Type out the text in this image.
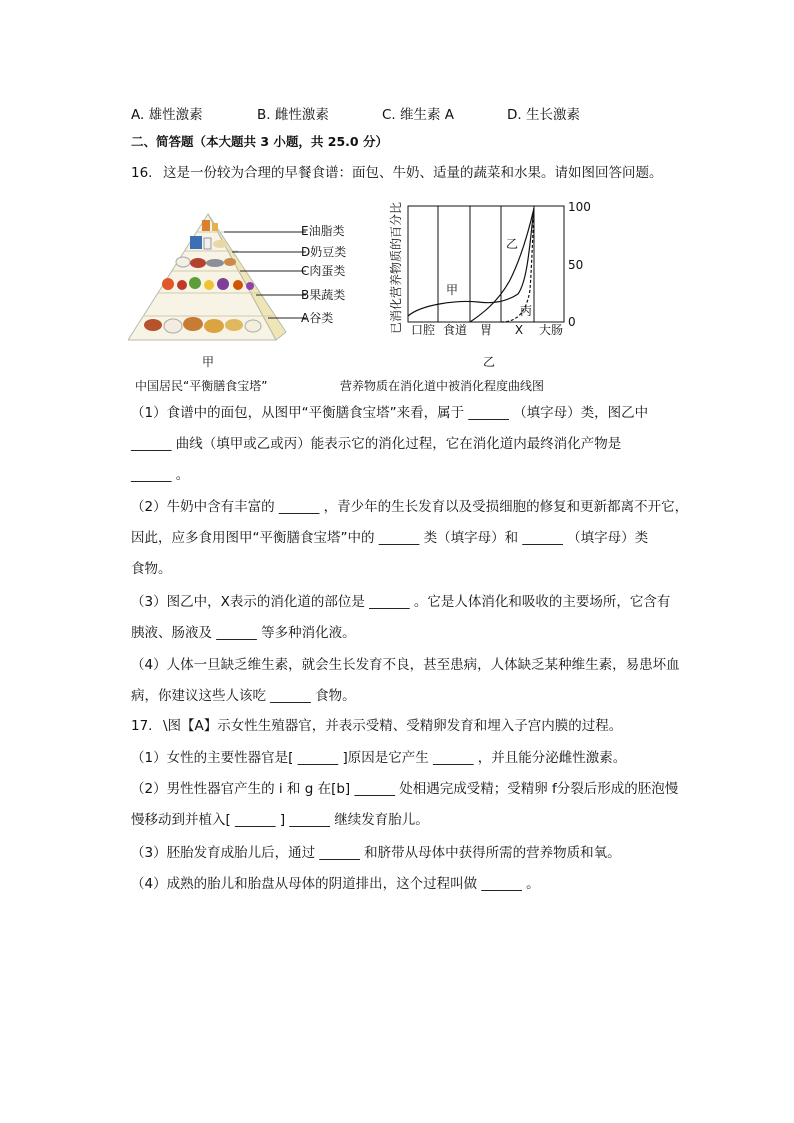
A. 雄性激素	B. 雌性激素	C. 维生素 A	D. 生长激素
二、简答题（本大题共 3 小题，共 25.0 分）
16. 这是一份较为合理的早餐食谱：面包、牛奶、适量的蔬菜和水果。请如图回答问题。
E油脂类
D奶豆类
C肉蛋类
B果蔬类
A谷类	已消化营养物质的百分比	甲
乙
丙
100
50
0
口腔 食道 胃 X 大肠
甲	乙
中国居民“平衡膳食宝塔”	营养物质在消化道中被消化程度曲线图
（1）食谱中的面包，从图甲“平衡膳食宝塔”来看，属于 ______ （填字母）类，图乙中
______ 曲线（填甲或乙或丙）能表示它的消化过程，它在消化道内最终消化产物是
______ 。
（2）牛奶中含有丰富的 ______ ，青少年的生长发育以及受损细胞的修复和更新都离不开它，
因此，应多食用图甲“平衡膳食宝塔”中的 ______ 类（填字母）和 ______ （填字母）类
食物。
（3）图乙中，X表示的消化道的部位是 ______ 。它是人体消化和吸收的主要场所，它含有
胰液、肠液及 ______ 等多种消化液。
（4）人体一旦缺乏维生素，就会生长发育不良，甚至患病，人体缺乏某种维生素，易患坏血
病，你建议这些人该吃 ______ 食物。
17. \图【A】示女性生殖器官，并表示受精、受精卵发育和埋入子宫内膜的过程。
（1）女性的主要性器官是[ ______ ]原因是它产生 ______ ，并且能分泌雌性激素。
（2）男性性器官产生的 i 和 g 在[b] ______ 处相遇完成受精；受精卵 f分裂后形成的胚泡慢
慢移动到并植入[ ______ ] ______ 继续发育胎儿。
（3）胚胎发育成胎儿后，通过 ______ 和脐带从母体中获得所需的营养物质和氧。
（4）成熟的胎儿和胎盘从母体的阴道排出，这个过程叫做 ______ 。
